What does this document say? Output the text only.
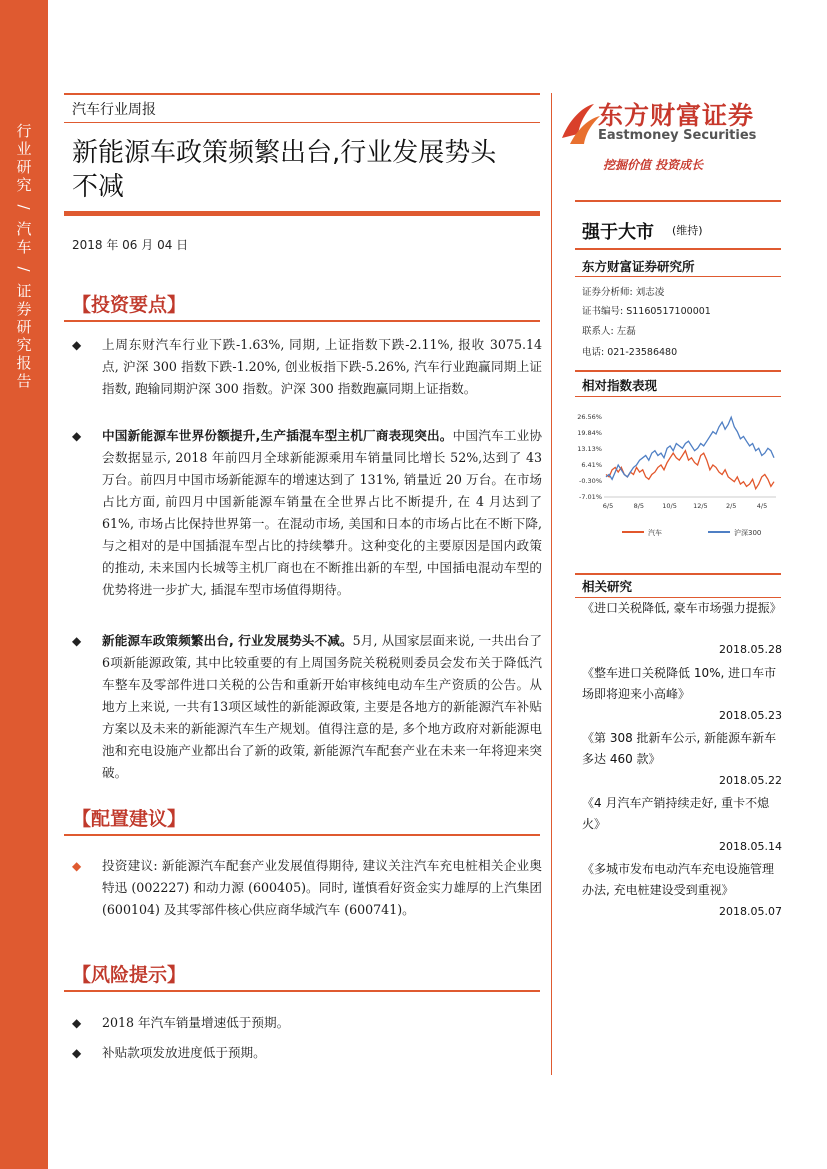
行
业
研
究
/
汽
车
/
证
券
研
究
报
告
汽车行业周报
新能源车政策频繁出台,行业发展势头
不减
2018 年 06 月 04 日
【投资要点】
◆ 上周东财汽车行业下跌-1.63%, 同期, 上证指数下跌-2.11%, 报收 3075.14 点, 沪深 300 指数下跌-1.20%, 创业板指下跌-5.26%, 汽车行业跑赢同期上证指数, 跑输同期沪深 300 指数。沪深 300 指数跑赢同期上证指数。
◆ 中国新能源车世界份额提升,生产插混车型主机厂商表现突出。中国汽车工业协会数据显示, 2018 年前四月全球新能源乘用车销量同比增长 52%,达到了 43 万台。前四月中国市场新能源车的增速达到了 131%, 销量近 20 万台。在市场占比方面, 前四月中国新能源车销量在全世界占比不断提升, 在 4 月达到了 61%, 市场占比保持世界第一。在混动市场, 美国和日本的市场占比在不断下降, 与之相对的是中国插混车型占比的持续攀升。这种变化的主要原因是国内政策的推动, 未来国内长城等主机厂商也在不断推出新的车型, 中国插电混动车型的优势将进一步扩大, 插混车型市场值得期待。
◆ 新能源车政策频繁出台, 行业发展势头不减。5月, 从国家层面来说, 一共出台了6项新能源政策, 其中比较重要的有上周国务院关税税则委员会发布关于降低汽车整车及零部件进口关税的公告和重新开始审核纯电动车生产资质的公告。从地方上来说, 一共有13项区域性的新能源政策, 主要是各地方的新能源汽车补贴方案以及未来的新能源汽车生产规划。值得注意的是, 多个地方政府对新能源电池和充电设施产业都出台了新的政策, 新能源汽车配套产业在未来一年将迎来突破。
【配置建议】
◆ 投资建议: 新能源汽车配套产业发展值得期待, 建议关注汽车充电桩相关企业奥特迅 (002227) 和动力源 (600405)。同时, 谨慎看好资金实力雄厚的上汽集团 (600104) 及其零部件核心供应商华域汽车 (600741)。
【风险提示】
◆ 2018 年汽车销量增速低于预期。
◆ 补贴款项发放进度低于预期。
东方财富证券
Eastmoney Securities
挖掘价值 投资成长
强于大市 (维持)
东方财富证券研究所
证券分析师: 刘志凌
证书编号: S1160517100001
联系人: 左磊
电话: 021-23586480
相对指数表现
26.56%
19.84%
13.13%
6.41%
-0.30%
-7.01%
6/5	8/5	10/5 12/5	2/5	4/5
汽车	沪深300
相关研究
《进口关税降低, 豪车市场强力提振》
2018.05.28
《整车进口关税降低 10%, 进口车市场即将迎来小高峰》
2018.05.23
《第 308 批新车公示, 新能源车新车多达 460 款》
2018.05.22
《4 月汽车产销持续走好, 重卡不熄火》
2018.05.14
《多城市发布电动汽车充电设施管理办法, 充电桩建设受到重视》
2018.05.07
